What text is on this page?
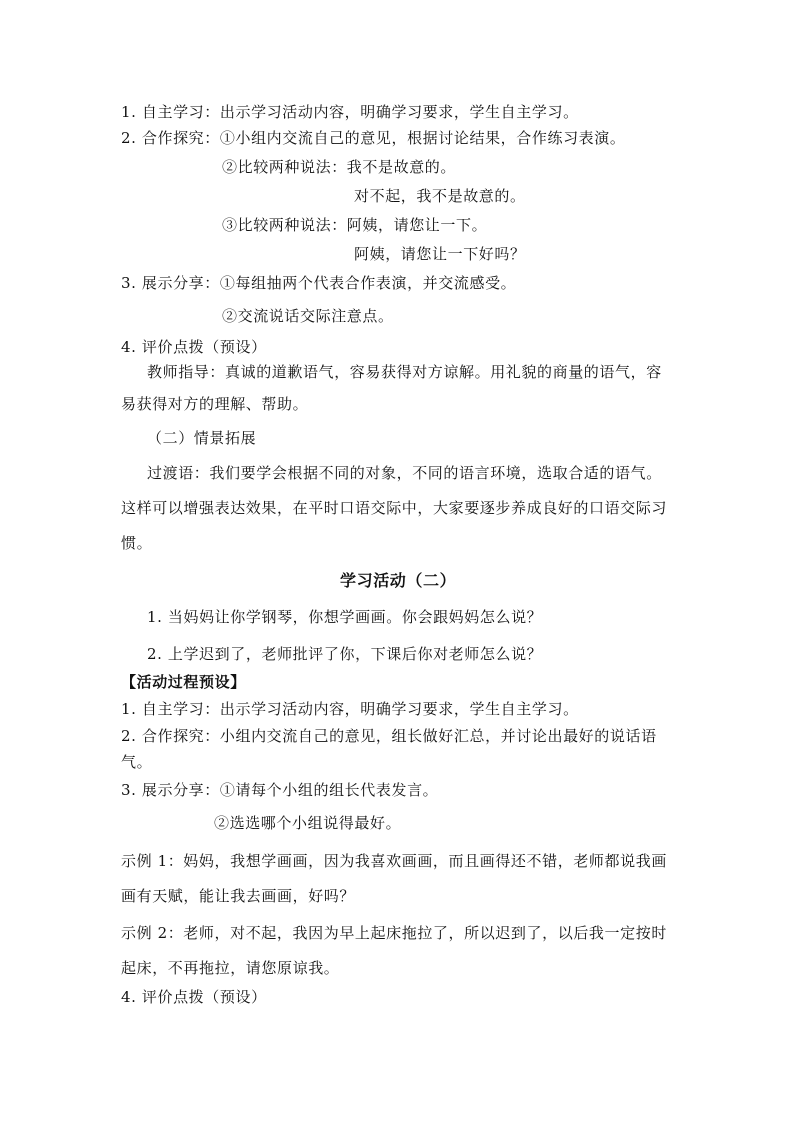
1. 自主学习：出示学习活动内容，明确学习要求，学生自主学习。
2. 合作探究：①小组内交流自己的意见，根据讨论结果，合作练习表演。
②比较两种说法：我不是故意的。
对不起，我不是故意的。
③比较两种说法：阿姨，请您让一下。
阿姨，请您让一下好吗？
3. 展示分享：①每组抽两个代表合作表演，并交流感受。
②交流说话交际注意点。
4. 评价点拨（预设）
教师指导：真诚的道歉语气，容易获得对方谅解。用礼貌的商量的语气，容
易获得对方的理解、帮助。
（二）情景拓展
过渡语：我们要学会根据不同的对象，不同的语言环境，选取合适的语气。
这样可以增强表达效果，在平时口语交际中，大家要逐步养成良好的口语交际习
惯。
学习活动（二）
1. 当妈妈让你学钢琴，你想学画画。你会跟妈妈怎么说？
2. 上学迟到了，老师批评了你，下课后你对老师怎么说？
【活动过程预设】
1. 自主学习：出示学习活动内容，明确学习要求，学生自主学习。
2. 合作探究：小组内交流自己的意见，组长做好汇总，并讨论出最好的说话语
气。
3. 展示分享：①请每个小组的组长代表发言。
②选选哪个小组说得最好。
示例 1：妈妈，我想学画画，因为我喜欢画画，而且画得还不错，老师都说我画
画有天赋，能让我去画画，好吗？
示例 2：老师，对不起，我因为早上起床拖拉了，所以迟到了，以后我一定按时
起床，不再拖拉，请您原谅我。
4. 评价点拨（预设）
